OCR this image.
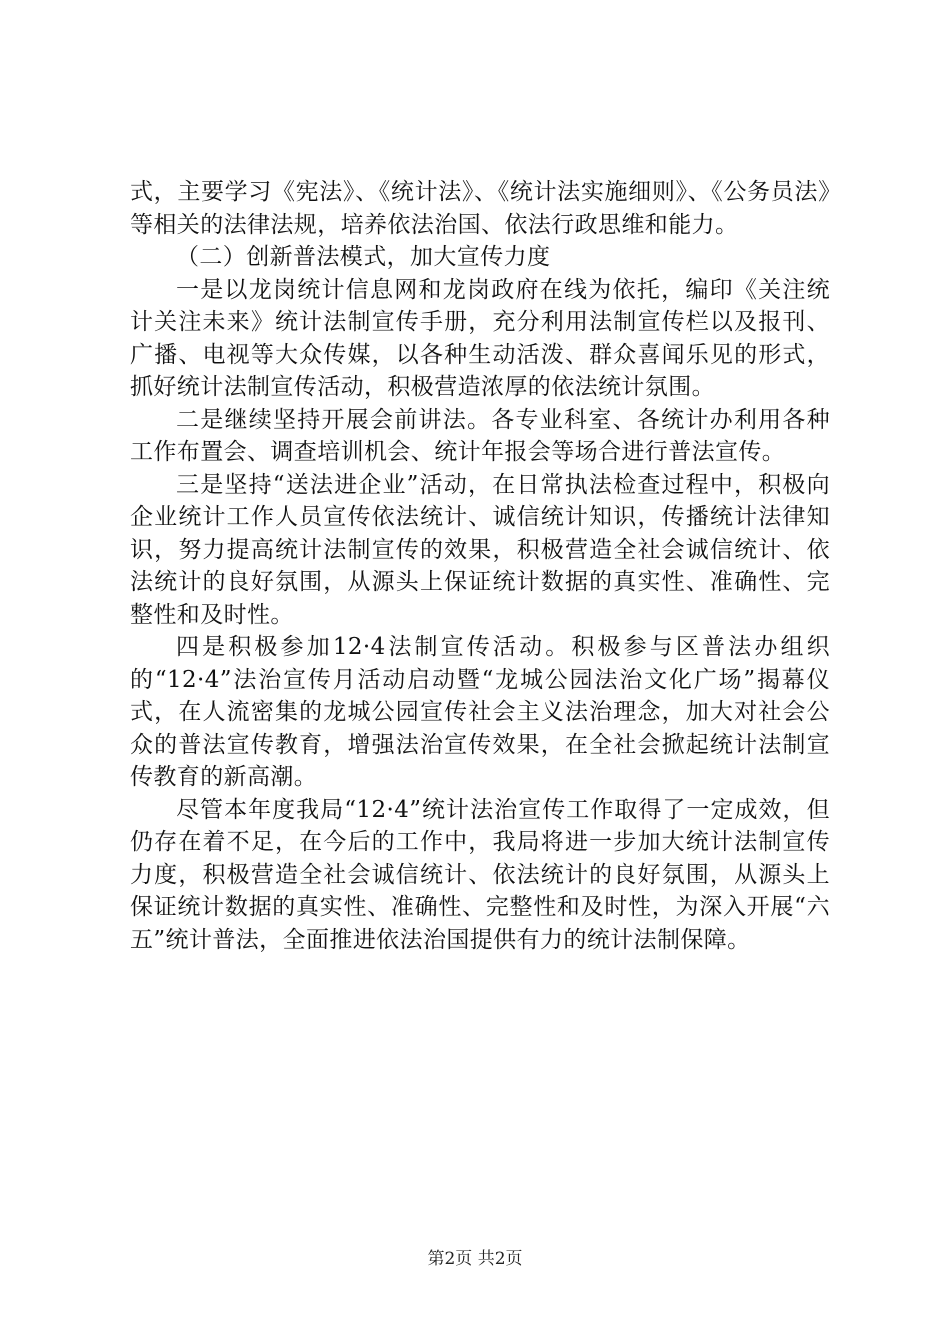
式，主要学习《宪法》、《统计法》、《统计法实施细则》、《公务员法》等相关的法律法规，培养依法治国、依法行政思维和能力。

（二）创新普法模式，加大宣传力度

一是以龙岗统计信息网和龙岗政府在线为依托，编印《关注统计关注未来》统计法制宣传手册，充分利用法制宣传栏以及报刊、广播、电视等大众传媒，以各种生动活泼、群众喜闻乐见的形式，抓好统计法制宣传活动，积极营造浓厚的依法统计氛围。

二是继续坚持开展会前讲法。各专业科室、各统计办利用各种工作布置会、调查培训机会、统计年报会等场合进行普法宣传。

三是坚持“送法进企业”活动，在日常执法检查过程中，积极向企业统计工作人员宣传依法统计、诚信统计知识，传播统计法律知识，努力提高统计法制宣传的效果，积极营造全社会诚信统计、依法统计的良好氛围，从源头上保证统计数据的真实性、准确性、完整性和及时性。

四是积极参加12·4法制宣传活动。积极参与区普法办组织的“12·4”法治宣传月活动启动暨“龙城公园法治文化广场”揭幕仪式，在人流密集的龙城公园宣传社会主义法治理念，加大对社会公众的普法宣传教育，增强法治宣传效果，在全社会掀起统计法制宣传教育的新高潮。

尽管本年度我局“12·4”统计法治宣传工作取得了一定成效，但仍存在着不足，在今后的工作中，我局将进一步加大统计法制宣传力度，积极营造全社会诚信统计、依法统计的良好氛围，从源头上保证统计数据的真实性、准确性、完整性和及时性，为深入开展“六五”统计普法，全面推进依法治国提供有力的统计法制保障。

第2页 共2页
